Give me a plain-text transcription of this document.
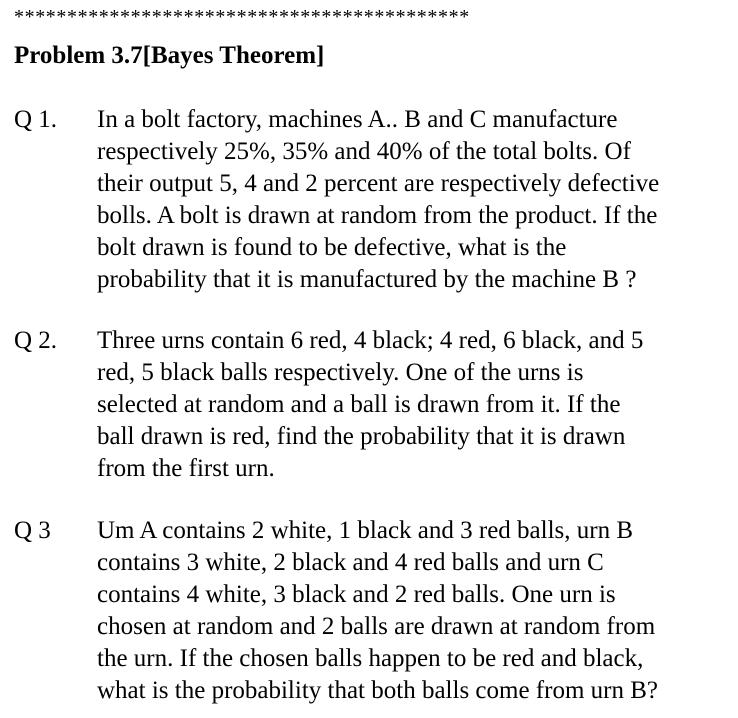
*******************************************
Problem 3.7[Bayes Theorem]
Q 1. In a bolt factory, machines A.. B and C manufacture
respectively 25%, 35% and 40% of the total bolts. Of
their output 5, 4 and 2 percent are respectively defective
bolls. A bolt is drawn at random from the product. If the
bolt drawn is found to be defective, what is the
probability that it is manufactured by the machine B ?
Q 2. Three urns contain 6 red, 4 black; 4 red, 6 black, and 5
red, 5 black balls respectively. One of the urns is
selected at random and a ball is drawn from it. If the
ball drawn is red, find the probability that it is drawn
from the first urn.
Q 3 Um A contains 2 white, 1 black and 3 red balls, urn B
contains 3 white, 2 black and 4 red balls and urn C
contains 4 white, 3 black and 2 red balls. One urn is
chosen at random and 2 balls are drawn at random from
the urn. If the chosen balls happen to be red and black,
what is the probability that both balls come from urn B?
